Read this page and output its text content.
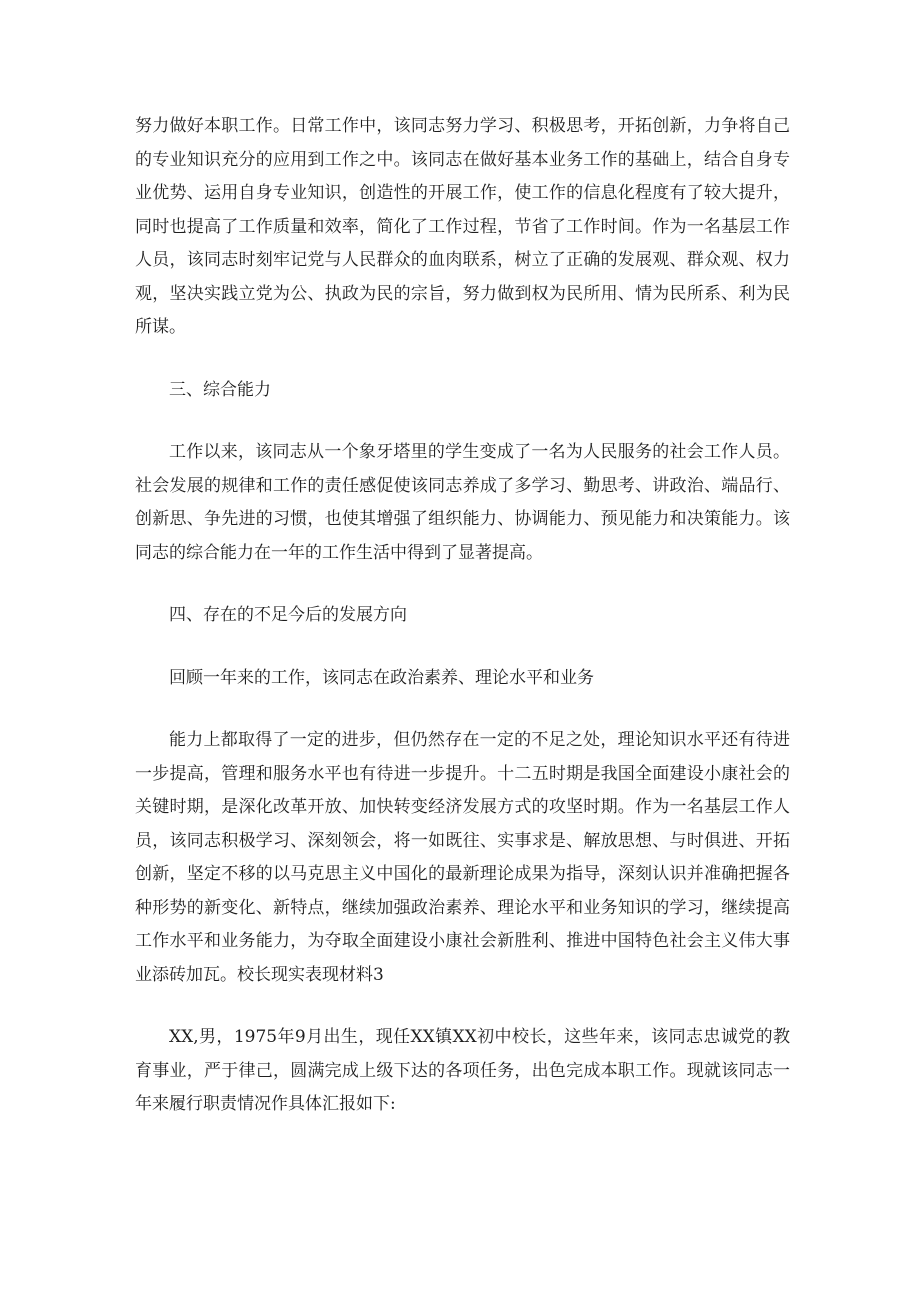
努力做好本职工作。日常工作中，该同志努力学习、积极思考，开拓创新，力争将自己的专业知识充分的应用到工作之中。该同志在做好基本业务工作的基础上，结合自身专业优势、运用自身专业知识，创造性的开展工作，使工作的信息化程度有了较大提升，同时也提高了工作质量和效率，简化了工作过程，节省了工作时间。作为一名基层工作人员，该同志时刻牢记党与人民群众的血肉联系，树立了正确的发展观、群众观、权力观，坚决实践立党为公、执政为民的宗旨，努力做到权为民所用、情为民所系、利为民所谋。

三、综合能力

工作以来，该同志从一个象牙塔里的学生变成了一名为人民服务的社会工作人员。社会发展的规律和工作的责任感促使该同志养成了多学习、勤思考、讲政治、端品行、创新思、争先进的习惯，也使其增强了组织能力、协调能力、预见能力和决策能力。该同志的综合能力在一年的工作生活中得到了显著提高。

四、存在的不足今后的发展方向

回顾一年来的工作，该同志在政治素养、理论水平和业务

能力上都取得了一定的进步，但仍然存在一定的不足之处，理论知识水平还有待进一步提高，管理和服务水平也有待进一步提升。十二五时期是我国全面建设小康社会的关键时期，是深化改革开放、加快转变经济发展方式的攻坚时期。作为一名基层工作人员，该同志积极学习、深刻领会，将一如既往、实事求是、解放思想、与时俱进、开拓创新，坚定不移的以马克思主义中国化的最新理论成果为指导，深刻认识并准确把握各种形势的新变化、新特点，继续加强政治素养、理论水平和业务知识的学习，继续提高工作水平和业务能力，为夺取全面建设小康社会新胜利、推进中国特色社会主义伟大事业添砖加瓦。校长现实表现材料3

XX,男，1975年9月出生，现任XX镇XX初中校长，这些年来，该同志忠诚党的教育事业，严于律己，圆满完成上级下达的各项任务，出色完成本职工作。现就该同志一年来履行职责情况作具体汇报如下:
